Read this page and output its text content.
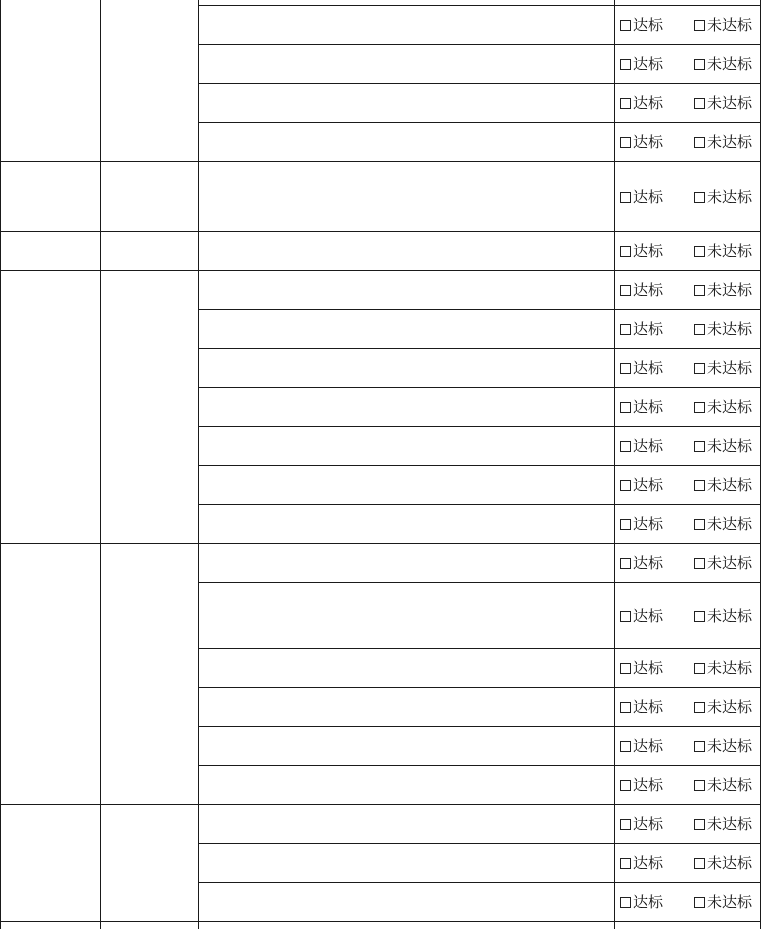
达标	未达标
达标	未达标
达标	未达标
达标	未达标
达标	未达标
达标	未达标
达标	未达标
达标	未达标
达标	未达标
达标	未达标
达标	未达标
达标	未达标
达标	未达标
达标	未达标
达标	未达标
达标	未达标
达标	未达标
达标	未达标
达标	未达标
达标	未达标
达标	未达标
达标	未达标
